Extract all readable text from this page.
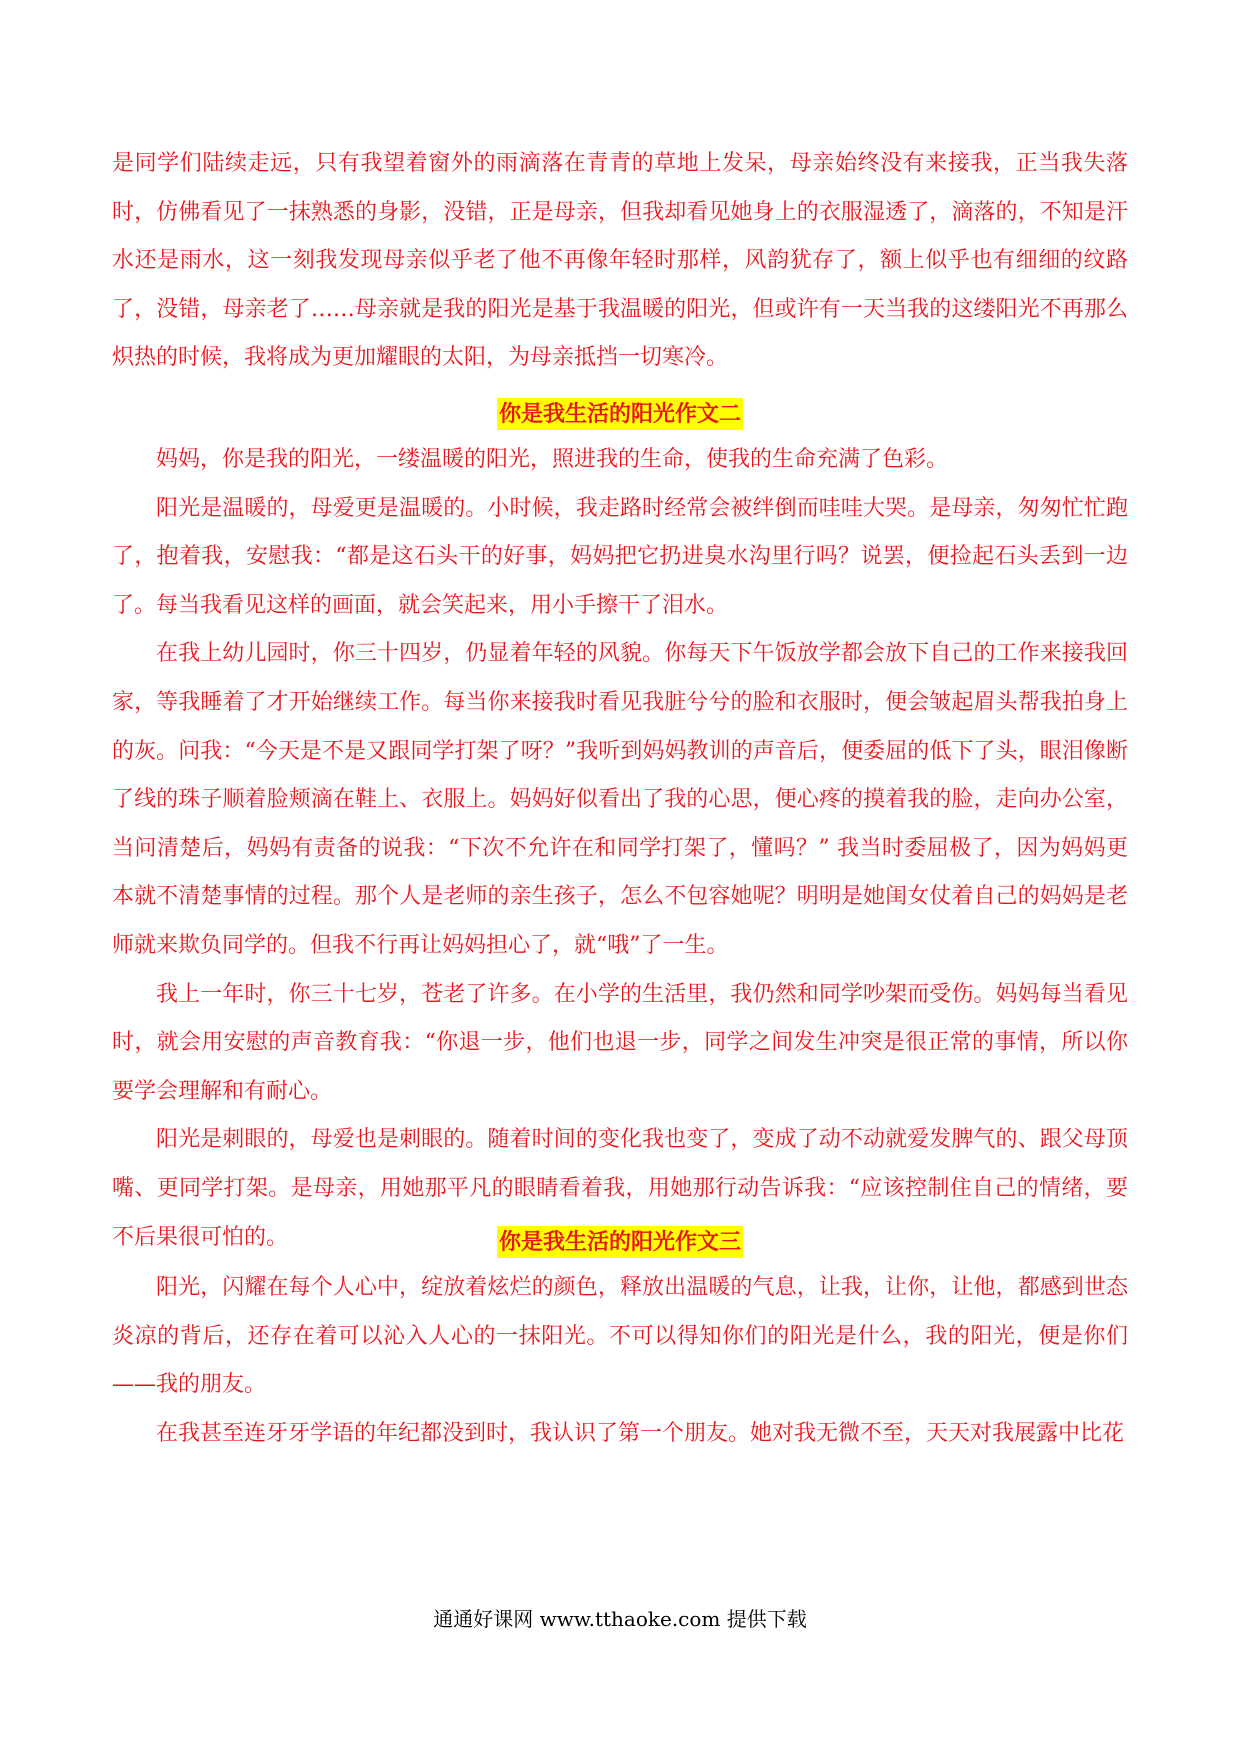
是同学们陆续走远，只有我望着窗外的雨滴落在青青的草地上发呆，母亲始终没有来接我，正当我失落时，仿佛看见了一抹熟悉的身影，没错，正是母亲，但我却看见她身上的衣服湿透了，滴落的，不知是汗水还是雨水，这一刻我发现母亲似乎老了他不再像年轻时那样，风韵犹存了，额上似乎也有细细的纹路了，没错，母亲老了……母亲就是我的阳光是基于我温暖的阳光，但或许有一天当我的这缕阳光不再那么炽热的时候，我将成为更加耀眼的太阳，为母亲抵挡一切寒冷。

你是我生活的阳光作文二

妈妈，你是我的阳光，一缕温暖的阳光，照进我的生命，使我的生命充满了色彩。

阳光是温暖的，母爱更是温暖的。小时候，我走路时经常会被绊倒而哇哇大哭。是母亲，匆匆忙忙跑了，抱着我，安慰我：“都是这石头干的好事，妈妈把它扔进臭水沟里行吗？说罢，便捡起石头丢到一边了。每当我看见这样的画面，就会笑起来，用小手擦干了泪水。

在我上幼儿园时，你三十四岁，仍显着年轻的风貌。你每天下午饭放学都会放下自己的工作来接我回家，等我睡着了才开始继续工作。每当你来接我时看见我脏兮兮的脸和衣服时，便会皱起眉头帮我拍身上的灰。问我：“今天是不是又跟同学打架了呀？”我听到妈妈教训的声音后，便委屈的低下了头，眼泪像断了线的珠子顺着脸颊滴在鞋上、衣服上。妈妈好似看出了我的心思，便心疼的摸着我的脸，走向办公室，当问清楚后，妈妈有责备的说我：“下次不允许在和同学打架了，懂吗？” 我当时委屈极了，因为妈妈更本就不清楚事情的过程。那个人是老师的亲生孩子，怎么不包容她呢？明明是她闺女仗着自己的妈妈是老师就来欺负同学的。但我不行再让妈妈担心了，就“哦”了一生。

我上一年时，你三十七岁，苍老了许多。在小学的生活里，我仍然和同学吵架而受伤。妈妈每当看见时，就会用安慰的声音教育我：“你退一步，他们也退一步，同学之间发生冲突是很正常的事情，所以你要学会理解和有耐心。

阳光是刺眼的，母爱也是刺眼的。随着时间的变化我也变了，变成了动不动就爱发脾气的、跟父母顶嘴、更同学打架。是母亲，用她那平凡的眼睛看着我，用她那行动告诉我：“应该控制住自己的情绪，要不后果很可怕的。	你是我生活的阳光作文三

阳光，闪耀在每个人心中，绽放着炫烂的颜色，释放出温暖的气息，让我，让你，让他，都感到世态炎凉的背后，还存在着可以沁入人心的一抹阳光。不可以得知你们的阳光是什么，我的阳光，便是你们——我的朋友。

在我甚至连牙牙学语的年纪都没到时，我认识了第一个朋友。她对我无微不至，天天对我展露中比花

通通好课网 www.tthaoke.com 提供下载
